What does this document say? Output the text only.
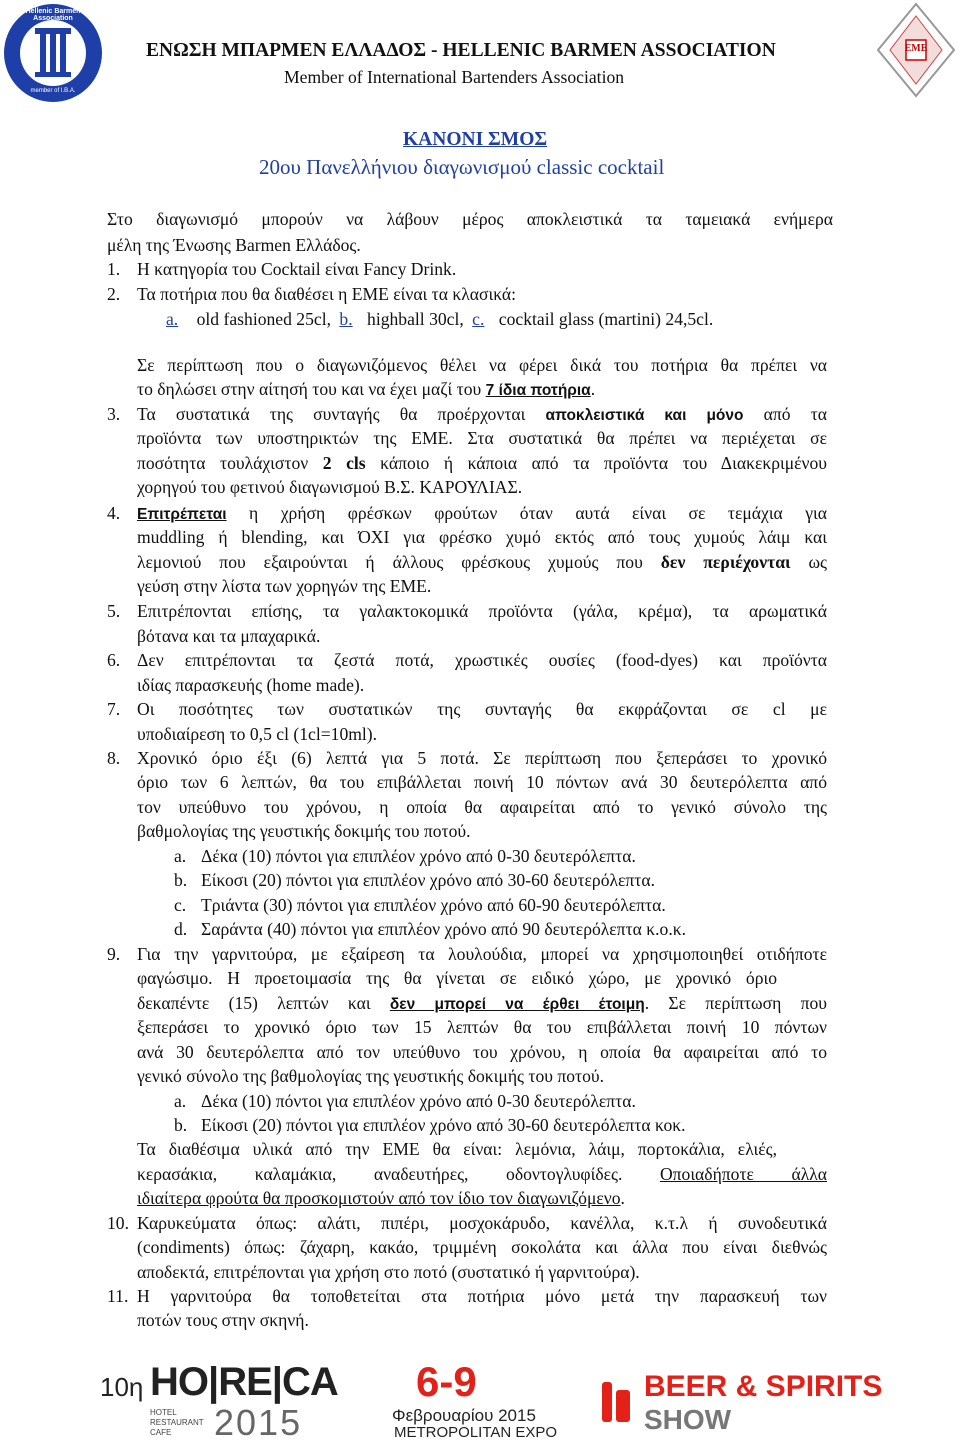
Hellenic Barmen Association
member of I.B.A.
ΕΝΩΣΗ ΜΠΑΡΜΕΝ ΕΛΛΑΔΟΣ - HELLENIC BARMEN ASSOCIATION
Member of International Bartenders Association
ΕΜΕ
ΚΑΝΟΝΙ ΣΜΟΣ
20ου Πανελλήνιου διαγωνισμού classic cocktail
Στο διαγωνισμό μπορούν να λάβουν μέρος αποκλειστικά τα ταμειακά ενήμερα
μέλη της Ένωσης Barmen Ελλάδος.
1. Η κατηγορία του Cocktail είναι Fancy Drink.
2. Τα ποτήρια που θα διαθέσει η ΕΜΕ είναι τα κλασικά:
a. old fashioned 25cl, b. highball 30cl, c. cocktail glass (martini) 24,5cl.
Σε περίπτωση που ο διαγωνιζόμενος θέλει να φέρει δικά του ποτήρια θα πρέπει να
το δηλώσει στην αίτησή του και να έχει μαζί του 7 ίδια ποτήρια.
3. Τα συστατικά της συνταγής θα προέρχονται αποκλειστικά και μόνο από τα
προϊόντα των υποστηρικτών της ΕΜΕ. Στα συστατικά θα πρέπει να περιέχεται σε
ποσότητα τουλάχιστον 2 cls κάποιο ή κάποια από τα προϊόντα του Διακεκριμένου
χορηγού του φετινού διαγωνισμού Β.Σ. ΚΑΡΟΥΛΙΑΣ.
4. Επιτρέπεται η χρήση φρέσκων φρούτων όταν αυτά είναι σε τεμάχια για
muddling ή blending, και ΌΧΙ για φρέσκο χυμό εκτός από τους χυμούς λάιμ και
λεμονιού που εξαιρούνται ή άλλους φρέσκους χυμούς που δεν περιέχονται ως
γεύση στην λίστα των χορηγών της ΕΜΕ.
5. Επιτρέπονται επίσης, τα γαλακτοκομικά προϊόντα (γάλα, κρέμα), τα αρωματικά
βότανα και τα μπαχαρικά.
6. Δεν επιτρέπονται τα ζεστά ποτά, χρωστικές ουσίες (food-dyes) και προϊόντα
ιδίας παρασκευής (home made).
7. Οι ποσότητες των συστατικών της συνταγής θα εκφράζονται σε cl με
υποδιαίρεση το 0,5 cl (1cl=10ml).
8. Χρονικό όριο έξι (6) λεπτά για 5 ποτά. Σε περίπτωση που ξεπεράσει το χρονικό
όριο των 6 λεπτών, θα του επιβάλλεται ποινή 10 πόντων ανά 30 δευτερόλεπτα από
τον υπεύθυνο του χρόνου, η οποία θα αφαιρείται από το γενικό σύνολο της
βαθμολογίας της γευστικής δοκιμής του ποτού.
a. Δέκα (10) πόντοι για επιπλέον χρόνο από 0-30 δευτερόλεπτα.
b. Είκοσι (20) πόντοι για επιπλέον χρόνο από 30-60 δευτερόλεπτα.
c. Τριάντα (30) πόντοι για επιπλέον χρόνο από 60-90 δευτερόλεπτα.
d. Σαράντα (40) πόντοι για επιπλέον χρόνο από 90 δευτερόλεπτα κ.ο.κ.
9. Για την γαρνιτούρα, με εξαίρεση τα λουλούδια, μπορεί να χρησιμοποιηθεί οτιδήποτε
φαγώσιμο. Η προετοιμασία της θα γίνεται σε ειδικό χώρο, με χρονικό όριο
δεκαπέντε (15) λεπτών και δεν μπορεί να έρθει έτοιμη. Σε περίπτωση που
ξεπεράσει το χρονικό όριο των 15 λεπτών θα του επιβάλλεται ποινή 10 πόντων
ανά 30 δευτερόλεπτα από τον υπεύθυνο του χρόνου, η οποία θα αφαιρείται από το
γενικό σύνολο της βαθμολογίας της γευστικής δοκιμής του ποτού.
a. Δέκα (10) πόντοι για επιπλέον χρόνο από 0-30 δευτερόλεπτα.
b. Είκοσι (20) πόντοι για επιπλέον χρόνο από 30-60 δευτερόλεπτα κοκ.
Τα διαθέσιμα υλικά από την ΕΜΕ θα είναι: λεμόνια, λάιμ, πορτοκάλια, ελιές,
κερασάκια, καλαμάκια, αναδευτήρες, οδοντογλυφίδες. Οποιαδήποτε άλλα
ιδιαίτερα φρούτα θα προσκομιστούν από τον ίδιο τον διαγωνιζόμενο.
10. Καρυκεύματα όπως: αλάτι, πιπέρι, μοσχοκάρυδο, κανέλλα, κ.τ.λ ή συνοδευτικά
(condiments) όπως: ζάχαρη, κακάο, τριμμένη σοκολάτα και άλλα που είναι διεθνώς
αποδεκτά, επιτρέπονται για χρήση στο ποτό (συστατικό ή γαρνιτούρα).
11. Η γαρνιτούρα θα τοποθετείται στα ποτήρια μόνο μετά την παρασκευή των
ποτών τους στην σκηνή.
10η HO|RE|CA
HOTEL
RESTAURANT
CAFE 2015
6-9
Φεβρουαρίου 2015
METROPOLITAN EXPO
BEER & SPIRITS
SHOW
